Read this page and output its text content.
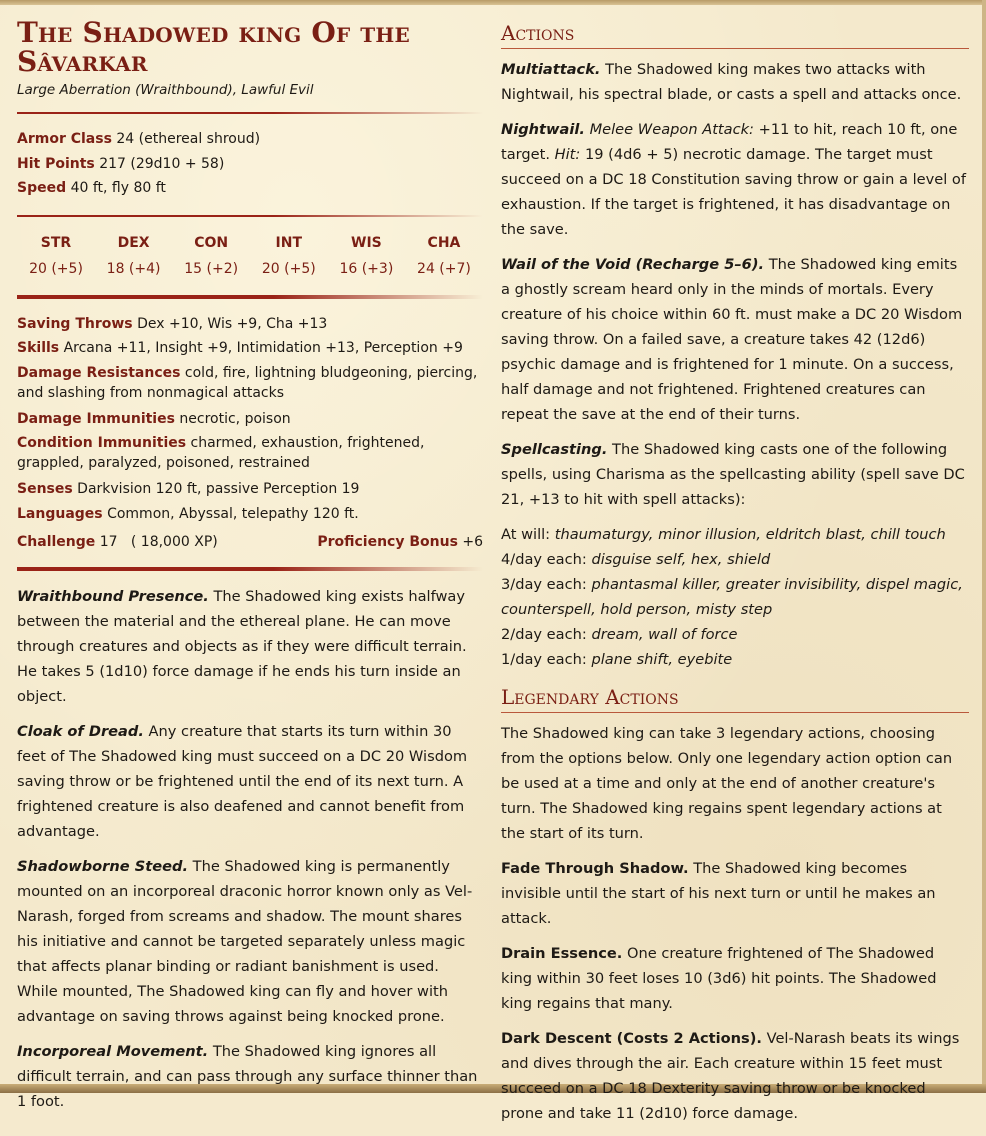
The Shadowed king Of the
Sâvarkar
Large Aberration (Wraithbound), Lawful Evil
Armor Class 24 (ethereal shroud)
Hit Points 217 (29d10 + 58)
Speed 40 ft, fly 80 ft
STR
20 (+5)
DEX
18 (+4)
CON
15 (+2)
INT
20 (+5)
WIS
16 (+3)
CHA
24 (+7)
Saving Throws Dex +10, Wis +9, Cha +13
Skills Arcana +11, Insight +9, Intimidation +13, Perception +9
Damage Resistances cold, fire, lightning bludgeoning, piercing, and slashing from nonmagical attacks
Damage Immunities necrotic, poison
Condition Immunities charmed, exhaustion, frightened, grappled, paralyzed, poisoned, restrained
Senses Darkvision 120 ft, passive Perception 19
Languages Common, Abyssal, telepathy 120 ft.
Challenge 17   ( 18,000 XP)	Proficiency Bonus +6

Wraithbound Presence. The Shadowed king exists halfway between the material and the ethereal plane. He can move through creatures and objects as if they were difficult terrain. He takes 5 (1d10) force damage if he ends his turn inside an object.

Cloak of Dread. Any creature that starts its turn within 30 feet of The Shadowed king must succeed on a DC 20 Wisdom saving throw or be frightened until the end of its next turn. A frightened creature is also deafened and cannot benefit from advantage.

Shadowborne Steed. The Shadowed king is permanently mounted on an incorporeal draconic horror known only as Vel-Narash, forged from screams and shadow. The mount shares his initiative and cannot be targeted separately unless magic that affects planar binding or radiant banishment is used. While mounted, The Shadowed king can fly and hover with advantage on saving throws against being knocked prone.

Incorporeal Movement. The Shadowed king ignores all difficult terrain, and can pass through any surface thinner than 1 foot.

Actions

Multiattack. The Shadowed king makes two attacks with Nightwail, his spectral blade, or casts a spell and attacks once.

Nightwail. Melee Weapon Attack: +11 to hit, reach 10 ft, one target. Hit: 19 (4d6 + 5) necrotic damage. The target must succeed on a DC 18 Constitution saving throw or gain a level of exhaustion. If the target is frightened, it has disadvantage on the save.

Wail of the Void (Recharge 5–6). The Shadowed king emits a ghostly scream heard only in the minds of mortals. Every creature of his choice within 60 ft. must make a DC 20 Wisdom saving throw. On a failed save, a creature takes 42 (12d6) psychic damage and is frightened for 1 minute. On a success, half damage and not frightened. Frightened creatures can repeat the save at the end of their turns.

Spellcasting. The Shadowed king casts one of the following spells, using Charisma as the spellcasting ability (spell save DC 21, +13 to hit with spell attacks):

At will: thaumaturgy, minor illusion, eldritch blast, chill touch
4/day each: disguise self, hex, shield
3/day each: phantasmal killer, greater invisibility, dispel magic, counterspell, hold person, misty step
2/day each: dream, wall of force
1/day each: plane shift, eyebite
Legendary Actions

The Shadowed king can take 3 legendary actions, choosing from the options below. Only one legendary action option can be used at a time and only at the end of another creature's turn. The Shadowed king regains spent legendary actions at the start of its turn.

Fade Through Shadow. The Shadowed king becomes invisible until the start of his next turn or until he makes an attack.

Drain Essence. One creature frightened of The Shadowed king within 30 feet loses 10 (3d6) hit points. The Shadowed king regains that many.

Dark Descent (Costs 2 Actions). Vel-Narash beats its wings and dives through the air. Each creature within 15 feet must succeed on a DC 18 Dexterity saving throw or be knocked prone and take 11 (2d10) force damage.
